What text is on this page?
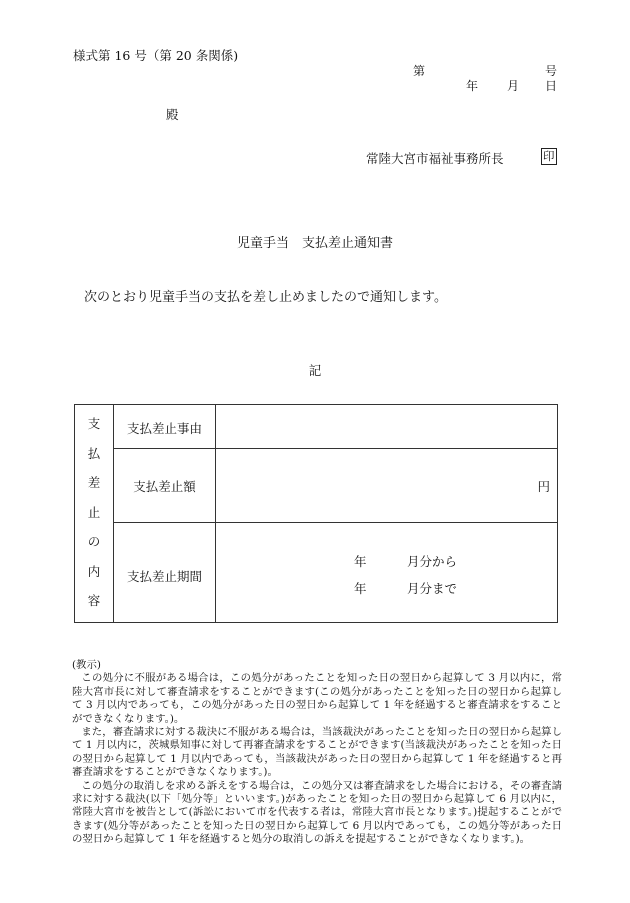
様式第 16 号（第 20 条関係)
第	号
年 月 日
殿
常陸大宮市福祉事務所長	印
児童手当　支払差止通知書
次のとおり児童手当の支払を差し止めましたので通知します。
記
支
払
差
止
の
内
容
支払差止事由
支払差止額	円
支払差止期間
年	月分から
年	月分まで

(教示)

この処分に不服がある場合は，この処分があったことを知った日の翌日から起算して 3 月以内に，常陸大宮市長に対して審査請求をすることができます(この処分があったことを知った日の翌日から起算して 3 月以内であっても，この処分があった日の翌日から起算して 1 年を経過すると審査請求をすることができなくなります。)。

また，審査請求に対する裁決に不服がある場合は，当該裁決があったことを知った日の翌日から起算して 1 月以内に，茨城県知事に対して再審査請求をすることができます(当該裁決があったことを知った日の翌日から起算して 1 月以内であっても，当該裁決があった日の翌日から起算して 1 年を経過すると再審査請求をすることができなくなります。)。

この処分の取消しを求める訴えをする場合は，この処分又は審査請求をした場合における，その審査請求に対する裁決(以下「処分等」といいます。)があったことを知った日の翌日から起算して 6 月以内に，常陸大宮市を被告として(訴訟において市を代表する者は，常陸大宮市長となります。)提起することができます(処分等があったことを知った日の翌日から起算して 6 月以内であっても，この処分等があった日の翌日から起算して 1 年を経過すると処分の取消しの訴えを提起することができなくなります。)。
